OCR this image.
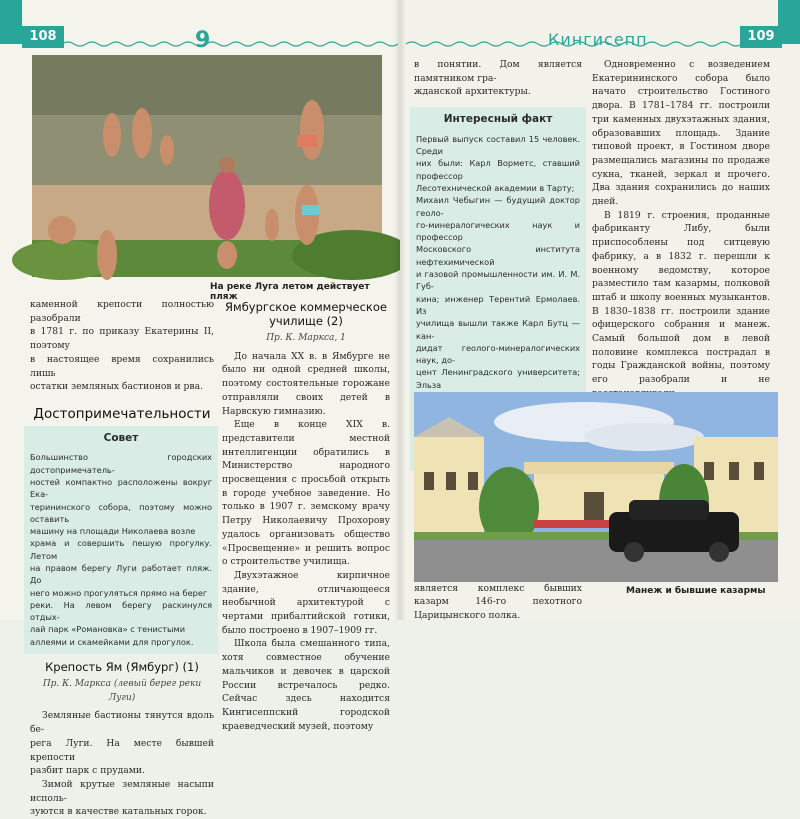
108	9
На реке Луга летом действует пляж

каменной крепости полностью разобрали

в 1781 г. по приказу Екатерины II, поэтому

в настоящее время сохранились лишь

остатки земляных бастионов и рва.

Достопримечательности
Совет

Большинство городских достопримечатель-

ностей компактно расположены вокруг Ека-

терининского собора, поэтому можно оставить

машину на площади Николаева возле

храма и совершить пешую прогулку. Летом

на правом берегу Луги работает пляж. До

него можно прогуляться прямо на берег

реки. На левом берегу раскинулся отдых-

лай парк «Романовка» с тенистыми

аллеями и скамейками для прогулок.

Крепость Ям (Ямбург) (1)
Пр. К. Маркса (левый берег реки Луги)

Земляные бастионы тянутся вдоль бе-

рега Луги. На месте бывшей крепости

разбит парк с прудами.

Зимой крутые земляные насыпи исполь-

зуются в качестве катальных горок.

Ямбургское коммерческое училище (2)
Пр. К. Маркса, 1

До начала XX в. в Ямбурге не было ни одной средней школы, поэтому состоятельные горожане отправляли своих детей в Нарвскую гимназию.

Еще в конце XIX в. представители местной интеллигенции обратились в Министерство народного просвещения с просьбой открыть в городе учебное заведение. Но только в 1907 г. земскому врачу Петру Николаевичу Прохорову удалось организовать общество «Просвещение» и решить вопрос о строительстве училища.

Двухэтажное кирпичное здание, отличающееся необычной архитектурой с чертами прибалтийской готики, было построено в 1907–1909 гг.

Школа была смешанного типа, хотя совместное обучение мальчиков и девочек в царской России встречалось редко. Сейчас здесь находится Кингисеппский городской краеведческий музей, поэтому

109
Кингисепп

в понятии. Дом является памятником гра-

жданской архитектуры.

Интересный факт

Первый выпуск составил 15 человек. Среди

них были: Карл Ворметс, ставший профессор

Лесотехнической академии в Тарту;

Михаил Чебыгин — будущий доктор геоло-

го-минералогических наук и профессор

Московского института нефтехимической

и газовой промышленности им. И. М. Губ-

кина; инженер Терентий Ермолаев. Из

училища вышли также Карл Бутц — кан-

дидат геолого-минералогических наук, до-

цент Ленинградского университета; Эльза

является комплекс бывших казарм 146-го пехотного Царицынского полка.

Одновременно с возведением Екатерининского собора было начато строительство Гостиного двора. В 1781–1784 гг. построили три каменных двухэтажных здания, образовавших площадь. Здание типовой проект, в Гостином дворе размещались магазины по продаже сукна, тканей, зеркал и прочего. Два здания сохранились до наших дней.

В 1819 г. строения, проданные фабриканту Либу, были приспособлены под ситцевую фабрику, а в 1832 г. перешли к военному ведомству, которое разместило там казармы, полковой штаб и школу военных музыкантов. В 1830–1838 гг. построили здание офицерского собрания и манеж. Самый большой дом в левой половине комплекса пострадал в годы Гражданской войны, поэтому его разобрали и не

Манеж и бывшие казармы
